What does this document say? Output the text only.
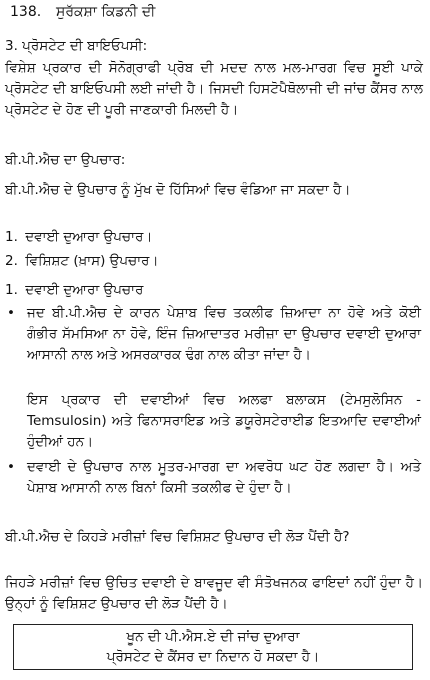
138. ਸੁਰੱਕਸ਼ਾ ਕਿਡਨੀ ਦੀ
3. ਪ੍ਰੋਸਟੇਟ ਦੀ ਬਾਇਓਪਸੀ:
ਵਿਸ਼ੇਸ਼ ਪ੍ਰਕਾਰ ਦੀ ਸੋਨੋਗ੍ਰਾਫੀ ਪ੍ਰੋਬ ਦੀ ਮਦਦ ਨਾਲ ਮਲ-ਮਾਰਗ ਵਿਚ ਸੂਈ ਪਾਕੇ ਪ੍ਰੋਸਟੇਟ ਦੀ ਬਾਇਓਪਸੀ ਲਈ ਜਾਂਦੀ ਹੈ। ਜਿਸਦੀ ਹਿਸਟੋਪੈਥੋਲਾਜੀ ਦੀ ਜਾਂਚ ਕੈਂਸਰ ਨਾਲ ਪ੍ਰੋਸਟੇਟ ਦੇ ਹੋਣ ਦੀ ਪੂਰੀ ਜਾਣਕਾਰੀ ਮਿਲਦੀ ਹੈ।
ਬੀ.ਪੀ.ਐਚ ਦਾ ਉਪਚਾਰ:
ਬੀ.ਪੀ.ਐਚ ਦੇ ਉਪਚਾਰ ਨੂੰ ਮੁੱਖ ਦੋ ਹਿੱਸਿਆਂ ਵਿਚ ਵੰਡਿਆ ਜਾ ਸਕਦਾ ਹੈ।
1. ਦਵਾਈ ਦੁਆਰਾ ਉਪਚਾਰ।
2. ਵਿਸ਼ਿਸ਼ਟ (ਖ਼ਾਸ) ਉਪਚਾਰ।
1. ਦਵਾਈ ਦੁਆਰਾ ਉਪਚਾਰ
• ਜਦ ਬੀ.ਪੀ.ਐਚ ਦੇ ਕਾਰਨ ਪੇਸ਼ਾਬ ਵਿਚ ਤਕਲੀਫ ਜ਼ਿਆਦਾ ਨਾ ਹੋਵੇ ਅਤੇ ਕੋਈ ਗੰਭੀਰ ਸੱਮਸਿਆ ਨਾ ਹੋਵੇ, ਇੰਜ ਜ਼ਿਆਦਾਤਰ ਮਰੀਜ਼ਾ ਦਾ ਉਪਚਾਰ ਦਵਾਈ ਦੁਆਰਾ ਆਸਾਨੀ ਨਾਲ ਅਤੇ ਅਸਰਕਾਰਕ ਢੰਗ ਨਾਲ ਕੀਤਾ ਜਾਂਦਾ ਹੈ।
ਇਸ ਪ੍ਰਕਾਰ ਦੀ ਦਵਾਈਆਂ ਵਿਚ ਅਲਫਾ ਬਲਾਕਸ (ਟੇਮਸੁਲੋਸਿਨ - Temsulosin) ਅਤੇ ਫਿਨਾਸਰਾਇਡ ਅਤੇ ਡਯੂਰੇਸਟੇਰਾਈਡ ਇਤਆਦਿ ਦਵਾਈਆਂ ਹੁੰਦੀਆਂ ਹਨ।
• ਦਵਾਈ ਦੇ ਉਪਚਾਰ ਨਾਲ ਮੂਤਰ-ਮਾਰਗ ਦਾ ਅਵਰੋਧ ਘਟ ਹੋਣ ਲਗਦਾ ਹੈ। ਅਤੇ ਪੇਸ਼ਾਬ ਆਸਾਨੀ ਨਾਲ ਬਿਨਾਂ ਕਿਸੀ ਤਕਲੀਫ ਦੇ ਹੁੰਦਾ ਹੈ।
ਬੀ.ਪੀ.ਐਚ ਦੇ ਕਿਹੜੇ ਮਰੀਜ਼ਾਂ ਵਿਚ ਵਿਸ਼ਿਸ਼ਟ ਉਪਚਾਰ ਦੀ ਲੋੜ ਪੈਂਦੀ ਹੈ?
ਜਿਹੜੇ ਮਰੀਜ਼ਾਂ ਵਿਚ ਉਚਿਤ ਦਵਾਈ ਦੇ ਬਾਵਜੂਦ ਵੀ ਸੰਤੋਖਜਨਕ ਫਾਇਦਾਂ ਨਹੀਂ ਹੁੰਦਾ ਹੈ। ਉਨ੍ਹਾਂ ਨੂੰ ਵਿਸ਼ਿਸ਼ਟ ਉਪਚਾਰ ਦੀ ਲੋੜ ਪੈਂਦੀ ਹੈ।
ਖੂਨ ਦੀ ਪੀ.ਐਸ.ਏ ਦੀ ਜਾਂਚ ਦੁਆਰਾ
ਪ੍ਰੋਸਟੇਟ ਦੇ ਕੈਂਸਰ ਦਾ ਨਿਦਾਨ ਹੋ ਸਕਦਾ ਹੈ।
